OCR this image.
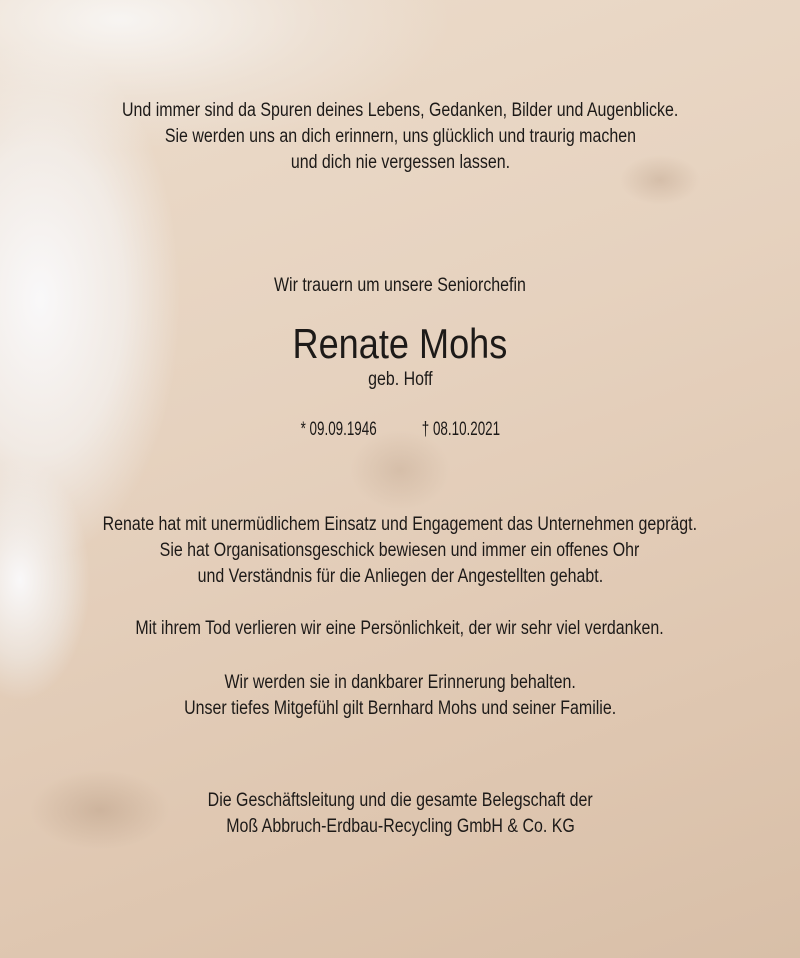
Und immer sind da Spuren deines Lebens, Gedanken, Bilder und Augenblicke.
Sie werden uns an dich erinnern, uns glücklich und traurig machen
und dich nie vergessen lassen.
Wir trauern um unsere Seniorchefin
Renate Mohs
geb. Hoff
* 09.09.1946 † 08.10.2021
Renate hat mit unermüdlichem Einsatz und Engagement das Unternehmen geprägt.
Sie hat Organisationsgeschick bewiesen und immer ein offenes Ohr
und Verständnis für die Anliegen der Angestellten gehabt.
Mit ihrem Tod verlieren wir eine Persönlichkeit, der wir sehr viel verdanken.
Wir werden sie in dankbarer Erinnerung behalten.
Unser tiefes Mitgefühl gilt Bernhard Mohs und seiner Familie.
Die Geschäftsleitung und die gesamte Belegschaft der
Moß Abbruch-Erdbau-Recycling GmbH & Co. KG
